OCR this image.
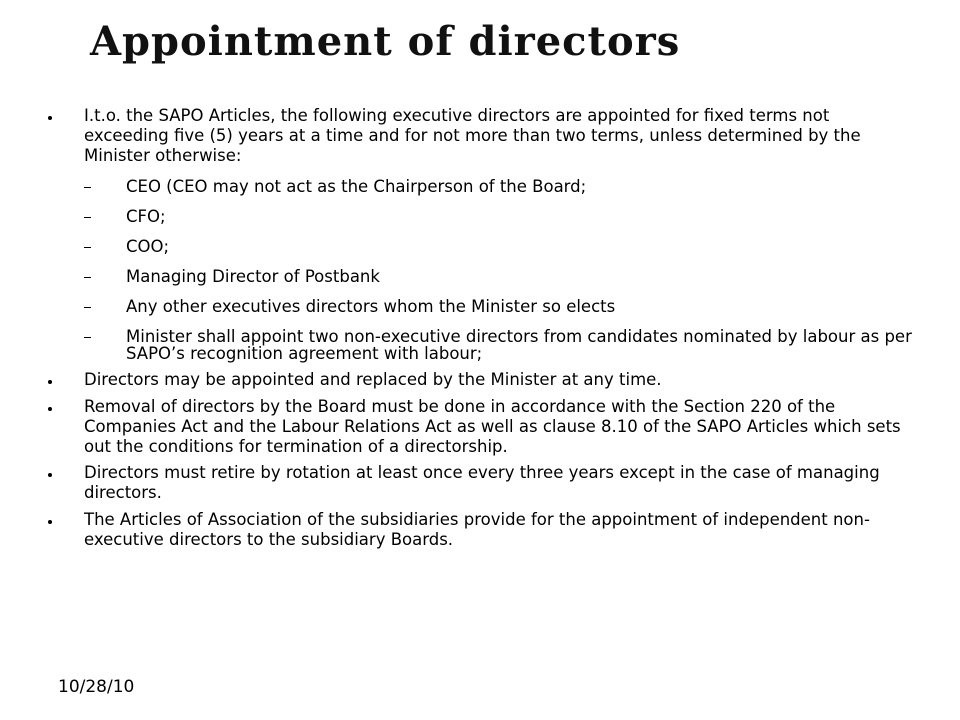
Appointment of directors
I.t.o. the SAPO Articles, the following executive directors are appointed for fixed terms not exceeding five (5) years at a time and for not more than two terms, unless determined by the Minister otherwise:
CEO (CEO may not act as the Chairperson of the Board;
CFO;
COO;
Managing Director of Postbank
Any other executives directors whom the Minister so elects
Minister shall appoint two non-executive directors from candidates nominated by labour as per SAPO’s recognition agreement with labour;
Directors may be appointed and replaced by the Minister at any time.
Removal of directors by the Board must be done in accordance with the Section 220 of the Companies Act and the Labour Relations Act as well as clause 8.10 of the SAPO Articles which sets out the conditions for termination of a directorship.
Directors must retire by rotation at least once every three years except in the case of managing directors.
The Articles of Association of the subsidiaries provide for the appointment of independent non-executive directors to the subsidiary Boards.
10/28/10
